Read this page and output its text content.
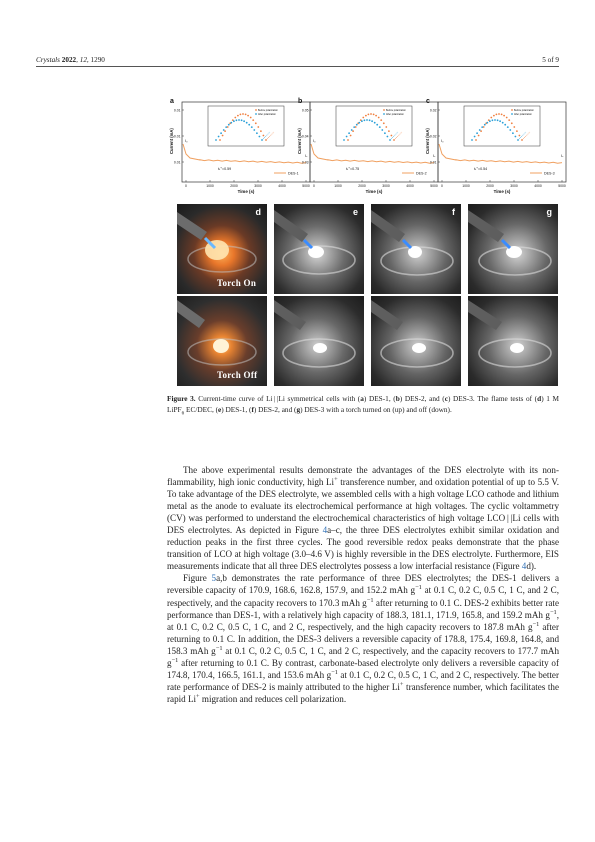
Crystals 2022, 12, 1290	5 of 9
a
Current (mA)
0.01
0.01
0.01
0	1000	2000	3000	4000	5000
Time (s)
I₀
Iₛ
tₗᵢ⁺=0.59
DES-1
Before polarization
After polarization
b
Current (mA)
0.05
0.04
0.03
0	1000	2000	3000	4000	5000
Time (s)
I₀
Iₛ
tₗᵢ⁺=0.75
DES-2
Before polarization
After polarization
c
Current (mA)
0.02
0.02
0.01
0	1000	2000	3000	4000	5000
Time (s)
I₀
Iₛ
tₗᵢ⁺=0.54
DES-3
Before polarization
After polarization
d
Torch On
e	f	g
Torch Off
Figure 3. Current-time curve of Li | |Li symmetrical cells with (a) DES-1, (b) DES-2, and (c) DES-3. The flame tests of (d) 1 M LiPF$_6$ EC/DEC, (e) DES-1, (f) DES-2, and (g) DES-3 with a torch turned on (up) and off (down).

The above experimental results demonstrate the advantages of the DES electrolyte with its non-flammability, high ionic conductivity, high Li+ transference number, and oxidation potential of up to 5.5 V. To take advantage of the DES electrolyte, we assembled cells with a high voltage LCO cathode and lithium metal as the anode to evaluate its electrochemical performance at high voltages. The cyclic voltammetry (CV) was performed to understand the electrochemical characteristics of high voltage LCO | |Li cells with DES electrolytes. As depicted in Figure 4a–c, the three DES electrolytes exhibit similar oxidation and reduction peaks in the first three cycles. The good reversible redox peaks demonstrate that the phase transition of LCO at high voltage (3.0–4.6 V) is highly reversible in the DES electrolyte. Furthermore, EIS measurements indicate that all three DES electrolytes possess a low interfacial resistance (Figure 4d).

Figure 5a,b demonstrates the rate performance of three DES electrolytes; the DES-1 delivers a reversible capacity of 170.9, 168.6, 162.8, 157.9, and 152.2 mAh $g^{-1}$ at 0.1 C, 0.2 C, 0.5 C, 1 C, and 2 C, respectively, and the capacity recovers to 170.3 mAh $g^{-1}$ after returning to 0.1 C. DES-2 exhibits better rate performance than DES-1, with a relatively high capacity of 188.3, 181.1, 171.9, 165.8, and 159.2 mAh $g^{-1}$, at 0.1 C, 0.2 C, 0.5 C, 1 C, and 2 C, respectively, and the high capacity recovers to 187.8 mAh $g^{-1}$ after returning to 0.1 C. In addition, the DES-3 delivers a reversible capacity of 178.8, 175.4, 169.8, 164.8, and 158.3 mAh $g^{-1}$ at 0.1 C, 0.2 C, 0.5 C, 1 C, and 2 C, respectively, and the capacity recovers to 177.7 mAh $g^{-1}$ after returning to 0.1 C. By contrast, carbonate-based electrolyte only delivers a reversible capacity of 174.8, 170.4, 166.5, 161.1, and 153.6 mAh $g^{-1}$ at 0.1 C, 0.2 C, 0.5 C, 1 C, and 2 C, respectively. The better rate performance of DES-2 is mainly attributed to the higher Li+ transference number, which facilitates the rapid Li+ migration and reduces cell polarization.
